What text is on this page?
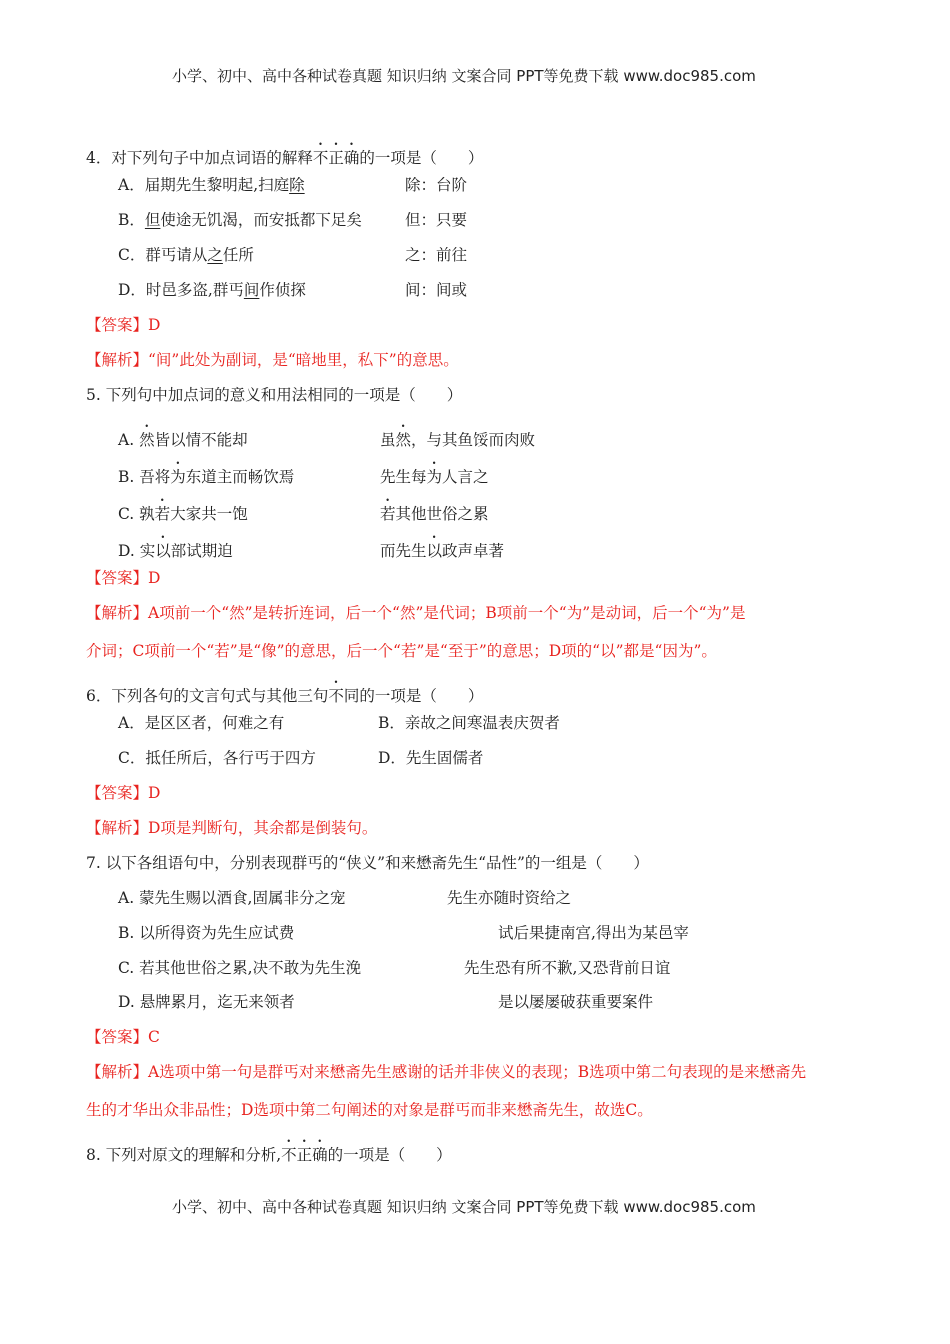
小学、初中、高中各种试卷真题 知识归纳 文案合同 PPT等免费下载 www.doc985.com
4．对下列句子中加点词语的解释不正确的一项是（　　）
A．届期先生黎明起,扫庭除	除：台阶
B．但使途无饥渴，而安抵都下足矣	但：只要
C．群丐请从之任所	之：前往
D．时邑多盗,群丐间作侦探	间：间或
【答案】D
【解析】“间”此处为副词，是“暗地里，私下”的意思。
5. 下列句中加点词的意义和用法相同的一项是（　　）
A. 然皆以情不能却	虽然，与其鱼馁而肉败
B. 吾将为东道主而畅饮焉	先生每为人言之
C. 孰若大家共一饱	若其他世俗之累
D. 实以部试期迫	而先生以政声卓著
【答案】D
【解析】A项前一个“然”是转折连词，后一个“然”是代词；B项前一个“为”是动词，后一个“为”是
介词；C项前一个“若”是“像”的意思，后一个“若”是“至于”的意思；D项的“以”都是“因为”。
6．下列各句的文言句式与其他三句不同的一项是（　　）
A．是区区者，何难之有	B．亲故之间寒温表庆贺者
C．抵任所后，各行丐于四方	D．先生固儒者
【答案】D
【解析】D项是判断句，其余都是倒装句。
7. 以下各组语句中，分别表现群丐的“侠义”和来懋斋先生“品性”的一组是（　　）
A. 蒙先生赐以酒食,固属非分之宠	先生亦随时资给之
B. 以所得资为先生应试费	试后果捷南宫,得出为某邑宰
C. 若其他世俗之累,决不敢为先生浼	先生恐有所不歉,又恐背前日谊
D. 悬牌累月，迄无来领者	是以屡屡破获重要案件
【答案】C
【解析】A选项中第一句是群丐对来懋斋先生感谢的话并非侠义的表现；B选项中第二句表现的是来懋斋先
生的才华出众非品性；D选项中第二句阐述的对象是群丐而非来懋斋先生，故选C。
8. 下列对原文的理解和分析,不正确的一项是（　　）
小学、初中、高中各种试卷真题 知识归纳 文案合同 PPT等免费下载 www.doc985.com
